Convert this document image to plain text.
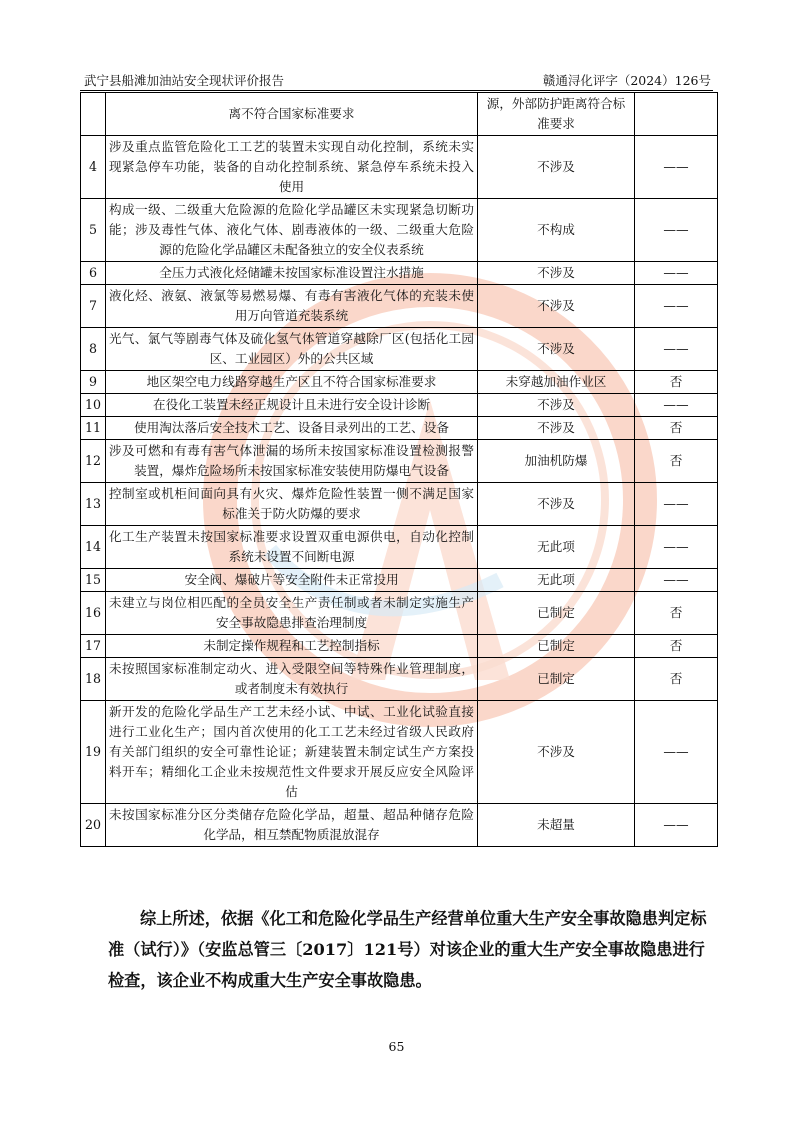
武宁县船滩加油站安全现状评价报告	赣通浔化评字（2024）126号
	离不符合国家标准要求	源，外部防护距离符合标准要求	
4	涉及重点监管危险化工工艺的装置未实现自动化控制，系统未实现紧急停车功能，装备的自动化控制系统、紧急停车系统未投入使用	不涉及	——
5	构成一级、二级重大危险源的危险化学品罐区未实现紧急切断功能；涉及毒性气体、液化气体、剧毒液体的一级、二级重大危险源的危险化学品罐区未配备独立的安全仪表系统	不构成	——
6	全压力式液化烃储罐未按国家标准设置注水措施	不涉及	——
7	液化烃、液氨、液氯等易燃易爆、有毒有害液化气体的充装未使用万向管道充装系统	不涉及	——
8	光气、氯气等剧毒气体及硫化氢气体管道穿越除厂区(包括化工园区、工业园区）外的公共区域	不涉及	——
9	地区架空电力线路穿越生产区且不符合国家标准要求	未穿越加油作业区	否
10	在役化工装置未经正规设计且未进行安全设计诊断	不涉及	——
11	使用淘汰落后安全技术工艺、设备目录列出的工艺、设备	不涉及	否
12	涉及可燃和有毒有害气体泄漏的场所未按国家标准设置检测报警装置，爆炸危险场所未按国家标准安装使用防爆电气设备	加油机防爆	否
13	控制室或机柜间面向具有火灾、爆炸危险性装置一侧不满足国家标准关于防火防爆的要求	不涉及	——
14	化工生产装置未按国家标准要求设置双重电源供电，自动化控制系统未设置不间断电源	无此项	——
15	安全阀、爆破片等安全附件未正常投用	无此项	——
16	未建立与岗位相匹配的全员安全生产责任制或者未制定实施生产安全事故隐患排查治理制度	已制定	否
17	未制定操作规程和工艺控制指标	已制定	否
18	未按照国家标准制定动火、进入受限空间等特殊作业管理制度，或者制度未有效执行	已制定	否
19	新开发的危险化学品生产工艺未经小试、中试、工业化试验直接进行工业化生产；国内首次使用的化工工艺未经过省级人民政府有关部门组织的安全可靠性论证；新建装置未制定试生产方案投料开车；精细化工企业未按规范性文件要求开展反应安全风险评估	不涉及	——
20	未按国家标准分区分类储存危险化学品，超量、超品种储存危险化学品，相互禁配物质混放混存	未超量	——

综上所述，依据《化工和危险化学品生产经营单位重大生产安全事故隐患判定标准（试行）》（安监总管三〔2017〕121号）对该企业的重大生产安全事故隐患进行检查，该企业不构成重大生产安全事故隐患。

65
